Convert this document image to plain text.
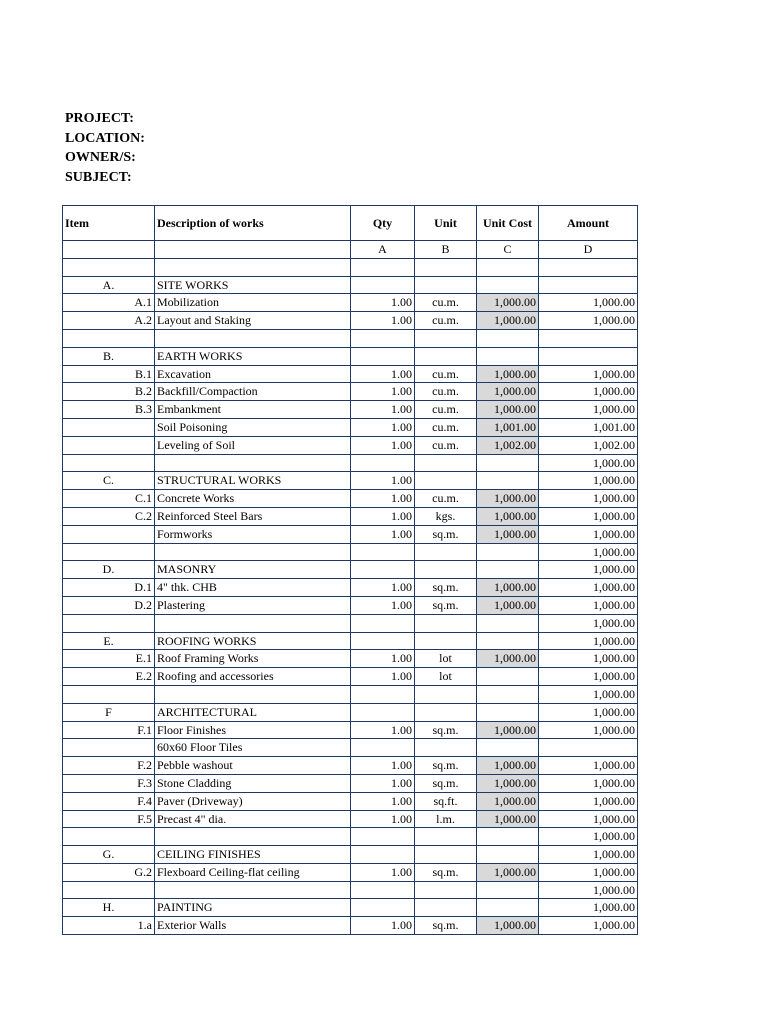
PROJECT:
LOCATION:
OWNER/S:
SUBJECT:
Item	Description of works	Qty	Unit	Unit Cost	Amount
		A	B	C	D

A.	SITE WORKS				
A.1	Mobilization	1.00	cu.m.	1,000.00	1,000.00
A.2	Layout and Staking	1.00	cu.m.	1,000.00	1,000.00

B.	EARTH WORKS				
B.1	Excavation	1.00	cu.m.	1,000.00	1,000.00
B.2	Backfill/Compaction	1.00	cu.m.	1,000.00	1,000.00
B.3	Embankment	1.00	cu.m.	1,000.00	1,000.00
	Soil Poisoning	1.00	cu.m.	1,001.00	1,001.00
	Leveling of Soil	1.00	cu.m.	1,002.00	1,002.00
					1,000.00
C.	STRUCTURAL WORKS	1.00			1,000.00
C.1	Concrete Works	1.00	cu.m.	1,000.00	1,000.00
C.2	Reinforced Steel Bars	1.00	kgs.	1,000.00	1,000.00
	Formworks	1.00	sq.m.	1,000.00	1,000.00
					1,000.00
D.	MASONRY				1,000.00
D.1	4" thk. CHB	1.00	sq.m.	1,000.00	1,000.00
D.2	Plastering	1.00	sq.m.	1,000.00	1,000.00
					1,000.00
E.	ROOFING WORKS				1,000.00
E.1	Roof Framing Works	1.00	lot	1,000.00	1,000.00
E.2	Roofing and accessories	1.00	lot		1,000.00
					1,000.00
F	ARCHITECTURAL				1,000.00
F.1	Floor Finishes	1.00	sq.m.	1,000.00	1,000.00
	60x60 Floor Tiles				
F.2	Pebble washout	1.00	sq.m.	1,000.00	1,000.00
F.3	Stone Cladding	1.00	sq.m.	1,000.00	1,000.00
F.4	Paver (Driveway)	1.00	sq.ft.	1,000.00	1,000.00
F.5	Precast 4" dia.	1.00	l.m.	1,000.00	1,000.00
					1,000.00
G.	CEILING FINISHES				1,000.00
G.2	Flexboard Ceiling-flat ceiling	1.00	sq.m.	1,000.00	1,000.00
					1,000.00
H.	PAINTING				1,000.00
1.a	Exterior Walls	1.00	sq.m.	1,000.00	1,000.00
